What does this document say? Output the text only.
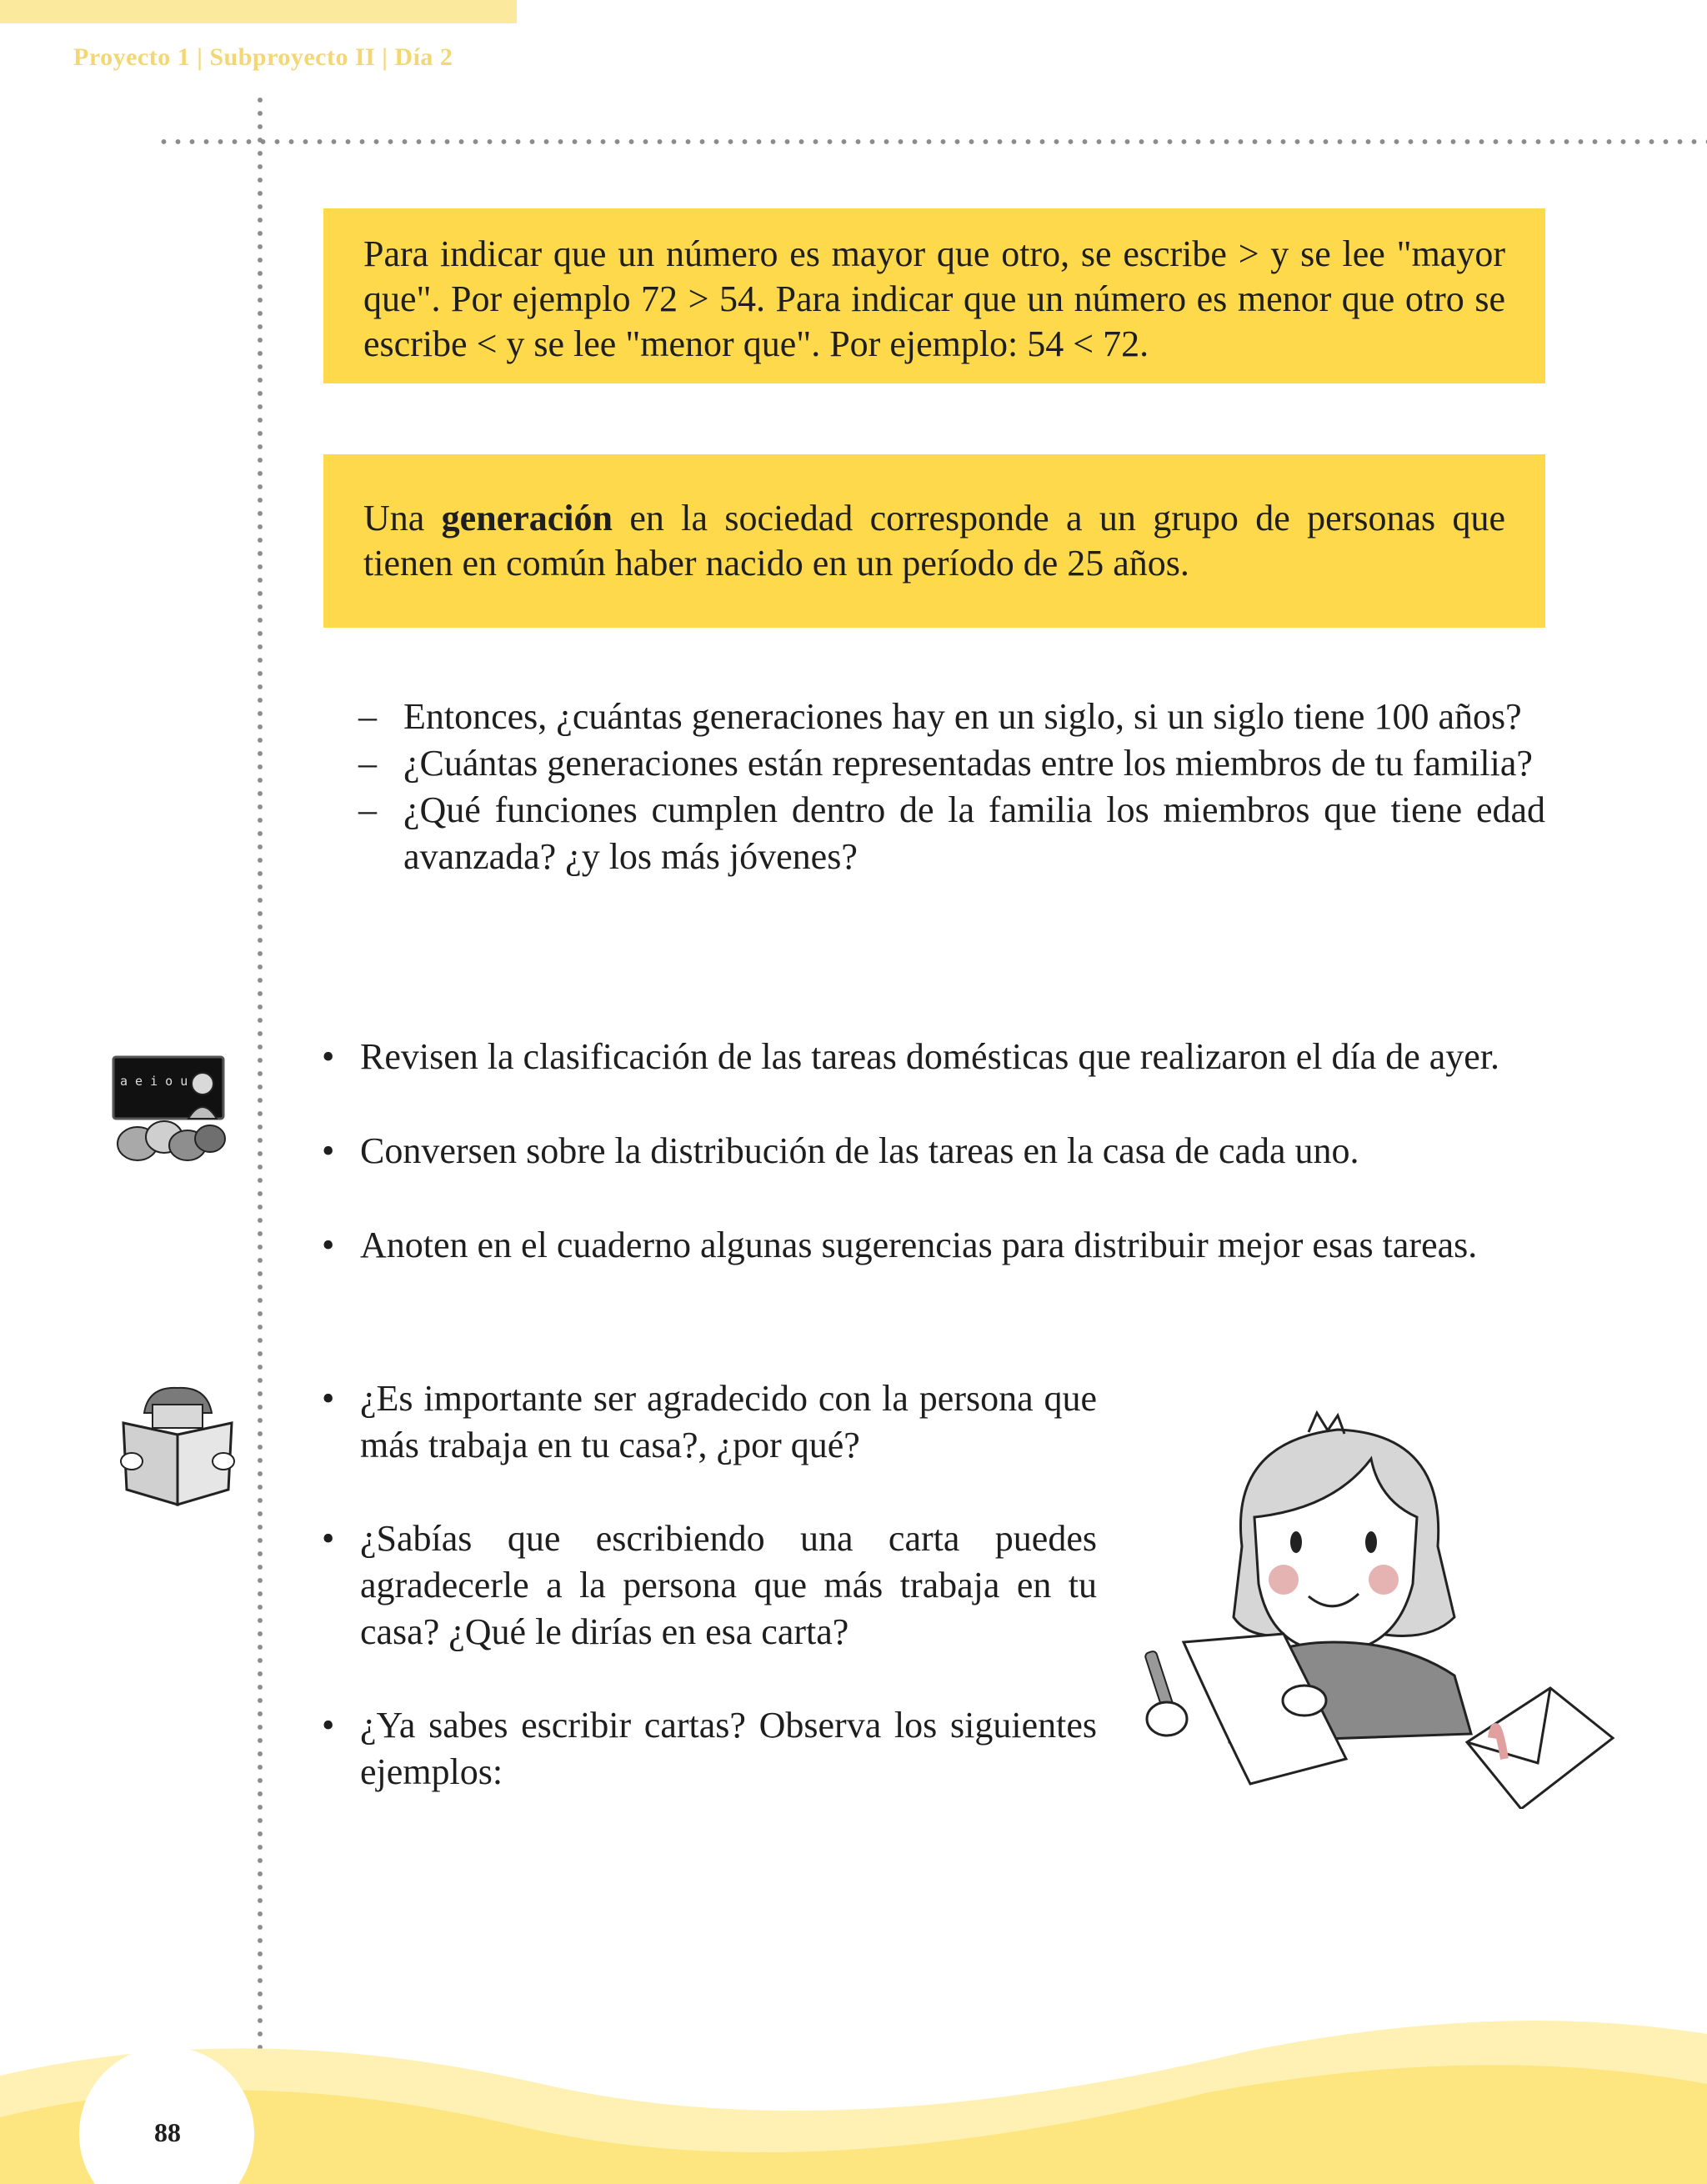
Proyecto 1 | Subproyecto II | Día 2
Para indicar que un número es mayor que otro, se escribe > y se lee "mayor que". Por ejemplo 72 > 54. Para indicar que un número es menor que otro se escribe < y se lee "menor que". Por ejemplo: 54 < 72.
Una generación en la sociedad corresponde a un grupo de personas que tienen en común haber nacido en un período de 25 años.
– Entonces, ¿cuántas generaciones hay en un siglo, si un siglo tiene 100 años?
– ¿Cuántas generaciones están representadas entre los miembros de tu familia?
– ¿Qué funciones cumplen dentro de la familia los miembros que tiene edad avanzada? ¿y los más jóvenes?
a e i o u
• Revisen la clasificación de las tareas domésticas que realizaron el día de ayer.
• Conversen sobre la distribución de las tareas en la casa de cada uno.
• Anoten en el cuaderno algunas sugerencias para distribuir mejor esas tareas.
• ¿Es importante ser agradecido con la persona que más trabaja en tu casa?, ¿por qué?
• ¿Sabías que escribiendo una carta puedes agradecerle a la persona que más trabaja en tu casa? ¿Qué le dirías en esa carta?
• ¿Ya sabes escribir cartas? Observa los siguientes ejemplos:
88
